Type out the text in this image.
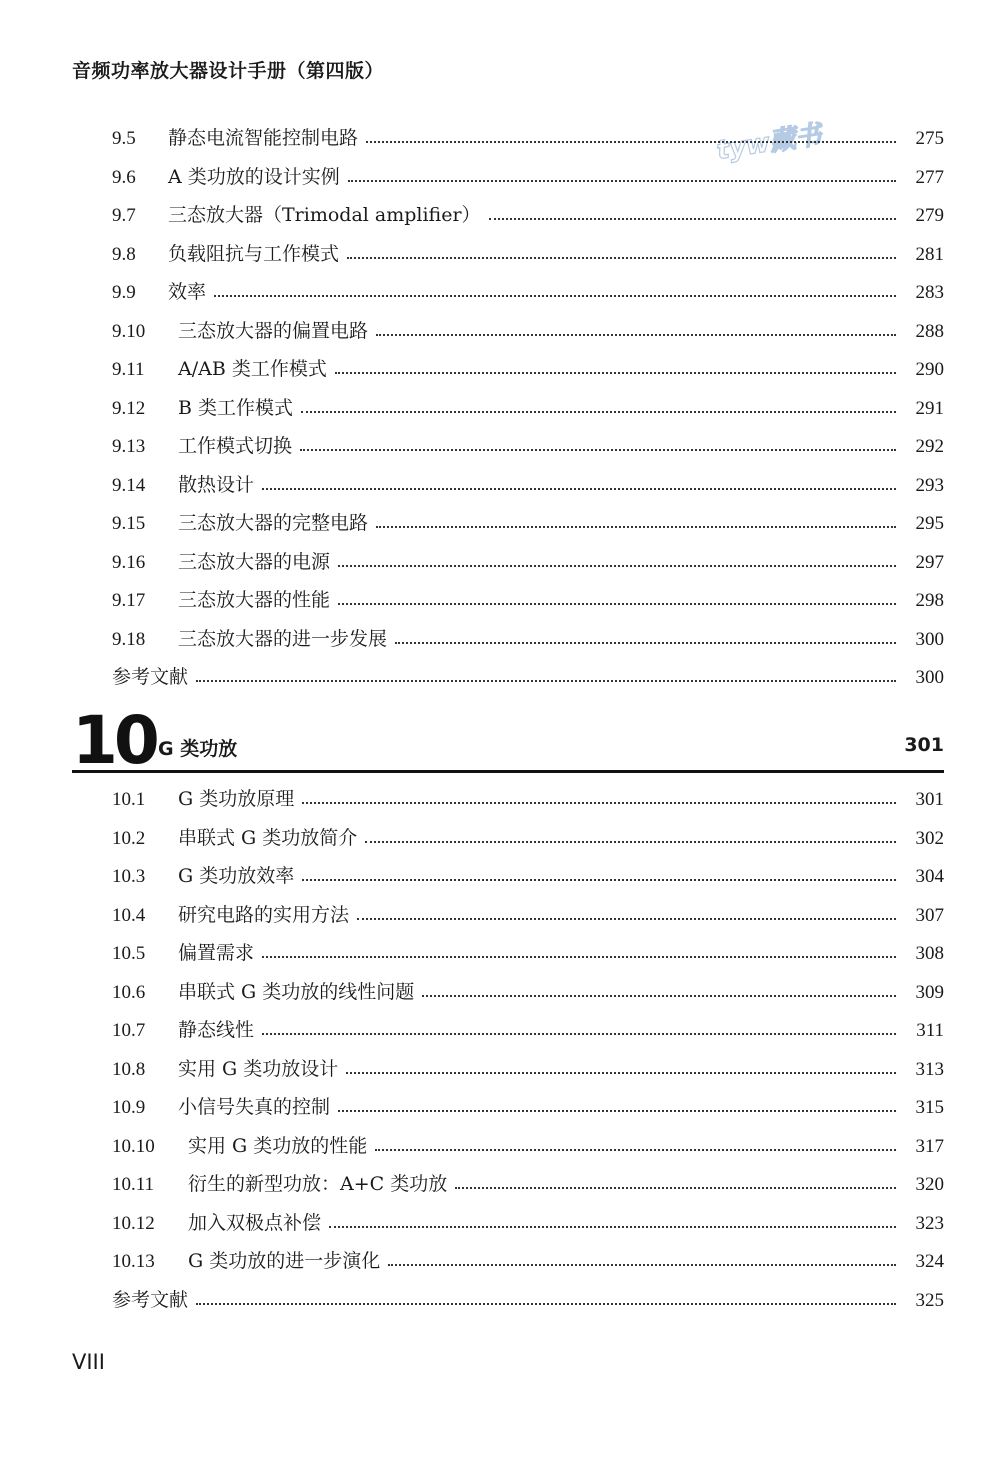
音频功率放大器设计手册（第四版）
tyw藏书
9.5	静态电流智能控制电路	275
9.6	A 类功放的设计实例	277
9.7	三态放大器（Trimodal amplifier）	279
9.8	负载阻抗与工作模式	281
9.9	效率	283
9.10	三态放大器的偏置电路	288
9.11	A/AB 类工作模式	290
9.12	B 类工作模式	291
9.13	工作模式切换	292
9.14	散热设计	293
9.15	三态放大器的完整电路	295
9.16	三态放大器的电源	297
9.17	三态放大器的性能	298
9.18	三态放大器的进一步发展	300
参考文献	300
10 G 类功放	301
10.1	G 类功放原理	301
10.2	串联式 G 类功放简介	302
10.3	G 类功放效率	304
10.4	研究电路的实用方法	307
10.5	偏置需求	308
10.6	串联式 G 类功放的线性问题	309
10.7	静态线性	311
10.8	实用 G 类功放设计	313
10.9	小信号失真的控制	315
10.10	实用 G 类功放的性能	317
10.11	衍生的新型功放：A+C 类功放	320
10.12	加入双极点补偿	323
10.13	G 类功放的进一步演化	324
参考文献	325
VIII
